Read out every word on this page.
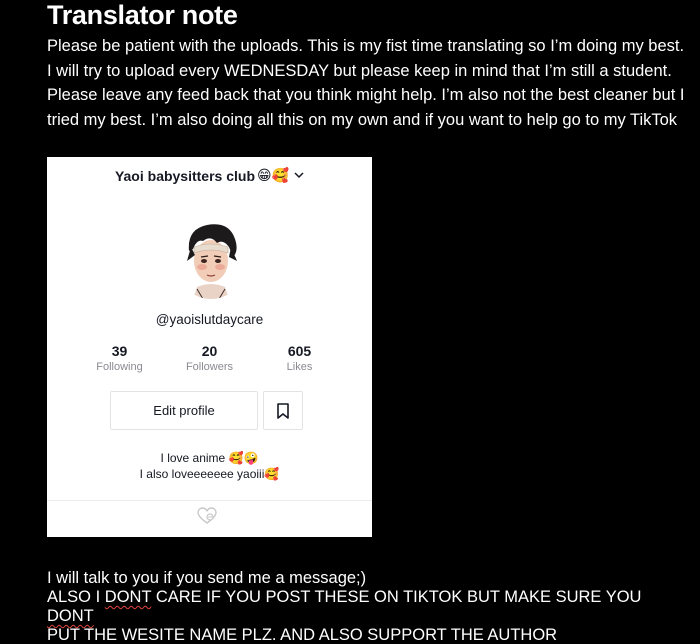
Translator note
Please be patient with the uploads. This is my fist time translating so I’m doing my best. I will try to upload every WEDNESDAY but please keep in mind that I’m still a student. Please leave any feed back that you think might help. I’m also not the best cleaner but I tried my best. I’m also doing all this on my own and if you want to help go to my TikTok
Yaoi babysitters club 😁🥰
@yaoislutdaycare
39
Following
20
Followers
605
Likes
Edit profile
I love anime 🥰🤪
I also loveeeeeee yaoiii🥰
I will talk to you if you send me a message;)
ALSO I DONT CARE IF YOU POST THESE ON TIKTOK BUT MAKE SURE YOU DONT
PUT THE WESITE NAME PLZ. AND ALSO SUPPORT THE AUTHOR
